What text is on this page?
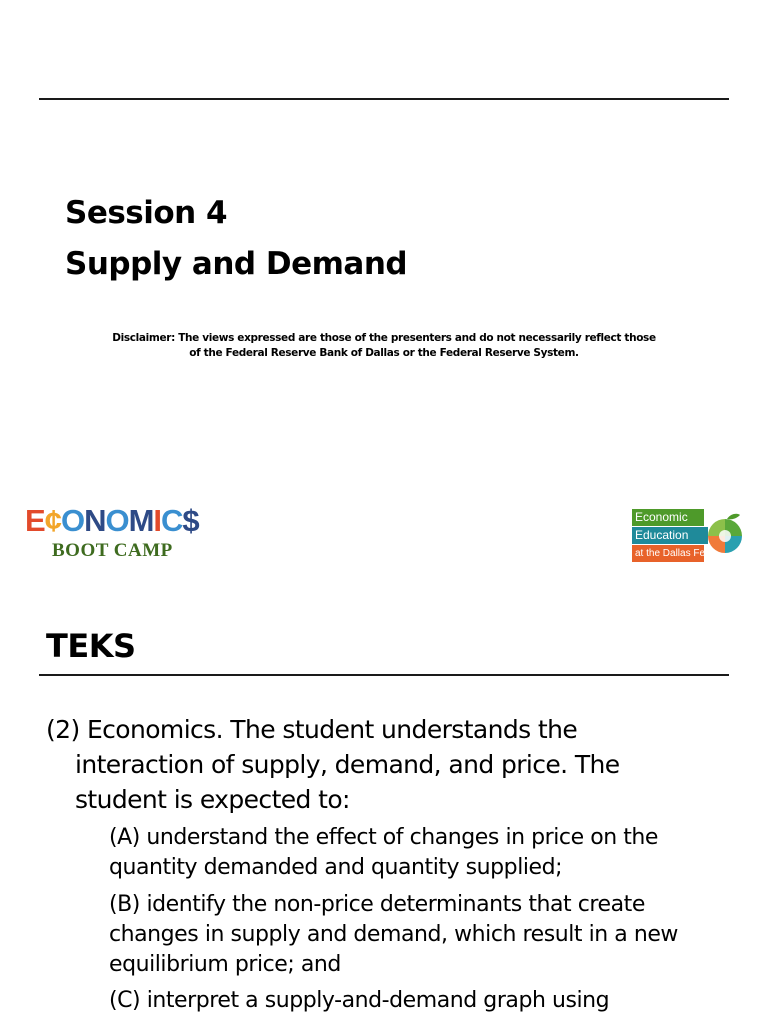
Session 4
Supply and Demand
Disclaimer: The views expressed are those of the presenters and do not necessarily reflect those
of the Federal Reserve Bank of Dallas or the Federal Reserve System.
E ¢ O N O M I C $
BOOT CAMP
Economic
Education
at the Dallas Fed
TEKS
(2) Economics. The student understands the
interaction of supply, demand, and price. The
student is expected to:
(A) understand the effect of changes in price on the
quantity demanded and quantity supplied;
(B) identify the non-price determinants that create
changes in supply and demand, which result in a new
equilibrium price; and
(C) interpret a supply-and-demand graph using
